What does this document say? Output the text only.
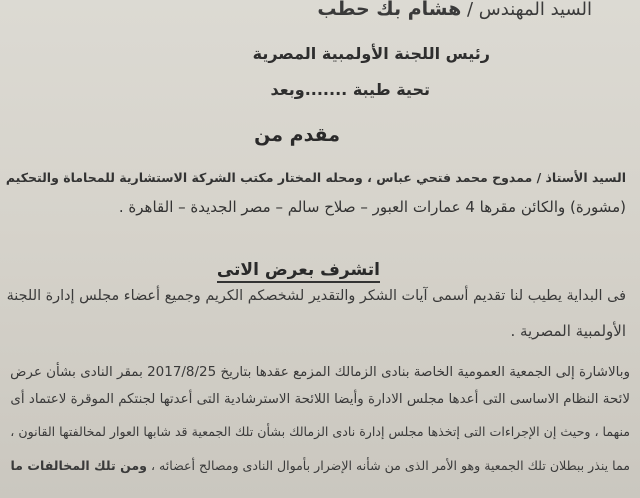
السيد المهندس / هشام بك حطب

رئيس اللجنة الأولمبية المصرية

تحية طيبة .......وبعد

مقدم من

السيد الأستاذ / ممدوح محمد فتحي عباس ، ومحله المختار مكتب الشركة الاستشارية للمحاماة والتحكيم

(مشورة) والكائن مقرها 4 عمارات العبور – صلاح سالم – مصر الجديدة – القاهرة .

اتشرف بعرض الاتى

فى البداية يطيب لنا تقديم أسمى آيات الشكر والتقدير لشخصكم الكريم وجميع أعضاء مجلس إدارة اللجنة

الأولمبية المصرية .

وبالاشارة إلى الجمعية العمومية الخاصة بنادى الزمالك المزمع عقدها بتاريخ 2017/8/25 بمقر النادى بشأن عرض

لائحة النظام الاساسى التى أعدها مجلس الادارة وأيضا اللائحة الاسترشادية التى أعدتها لجنتكم الموقرة لاعتماد أى

منهما ، وحيث إن الإجراءات التى إتخذها مجلس إدارة نادى الزمالك بشأن تلك الجمعية قد شابها العوار لمخالفتها القانون ،

مما ينذر ببطلان تلك الجمعية وهو الأمر الذى من شأنه الإضرار بأموال النادى ومصالح أعضائه ، ومن تلك المخالفات ما
